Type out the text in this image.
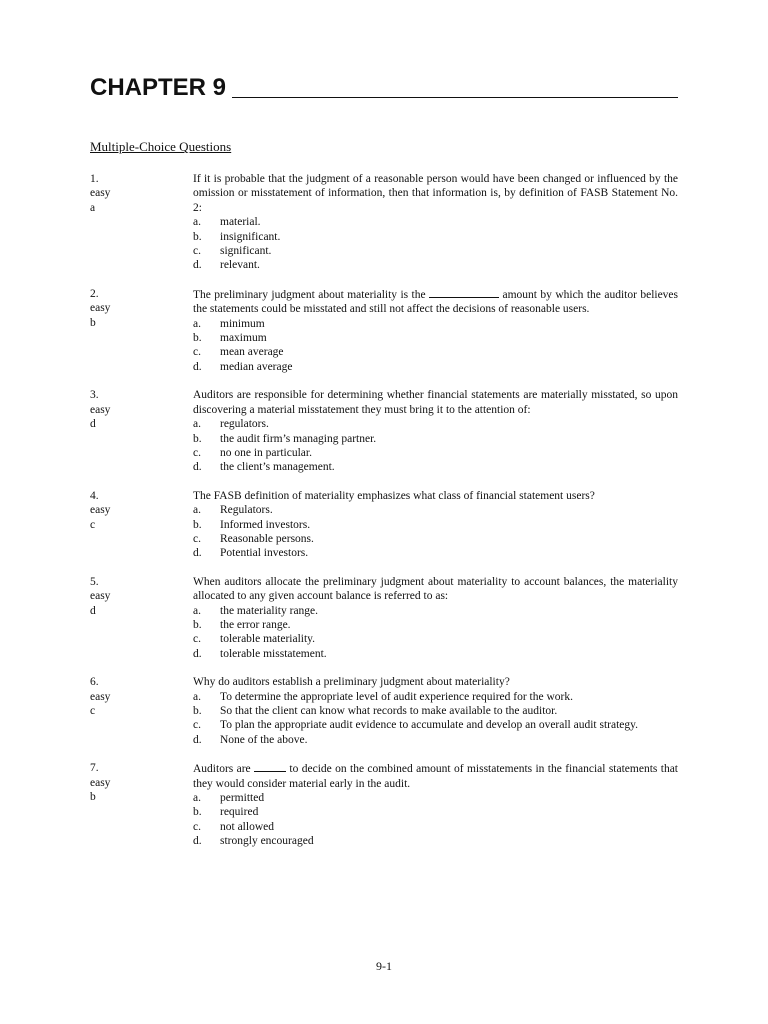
CHAPTER 9
Multiple-Choice Questions
1.
easy
a
If it is probable that the judgment of a reasonable person would have been changed or influenced by the omission or misstatement of information, then that information is, by definition of FASB Statement No. 2:
a.	material.
b.	insignificant.
c.	significant.
d.	relevant.
2.
easy
b
The preliminary judgment about materiality is the	amount by which the auditor believes the statements could be misstated and still not affect the decisions of reasonable users.
a.	minimum
b.	maximum
c.	mean average
d.	median average
3.
easy
d
Auditors are responsible for determining whether financial statements are materially misstated, so upon discovering a material misstatement they must bring it to the attention of:
a.	regulators.
b.	the audit firm’s managing partner.
c.	no one in particular.
d.	the client’s management.
4.
easy
c
The FASB definition of materiality emphasizes what class of financial statement users?
a.	Regulators.
b.	Informed investors.
c.	Reasonable persons.
d.	Potential investors.
5.
easy
d
When auditors allocate the preliminary judgment about materiality to account balances, the materiality allocated to any given account balance is referred to as:
a.	the materiality range.
b.	the error range.
c.	tolerable materiality.
d.	tolerable misstatement.
6.
easy
c
Why do auditors establish a preliminary judgment about materiality?
a.	To determine the appropriate level of audit experience required for the work.
b.	So that the client can know what records to make available to the auditor.
c.	To plan the appropriate audit evidence to accumulate and develop an overall audit strategy.
d.	None of the above.
7.
easy
b
Auditors are	to decide on the combined amount of misstatements in the financial statements that they would consider material early in the audit.
a.	permitted
b.	required
c.	not allowed
d.	strongly encouraged
9-1
